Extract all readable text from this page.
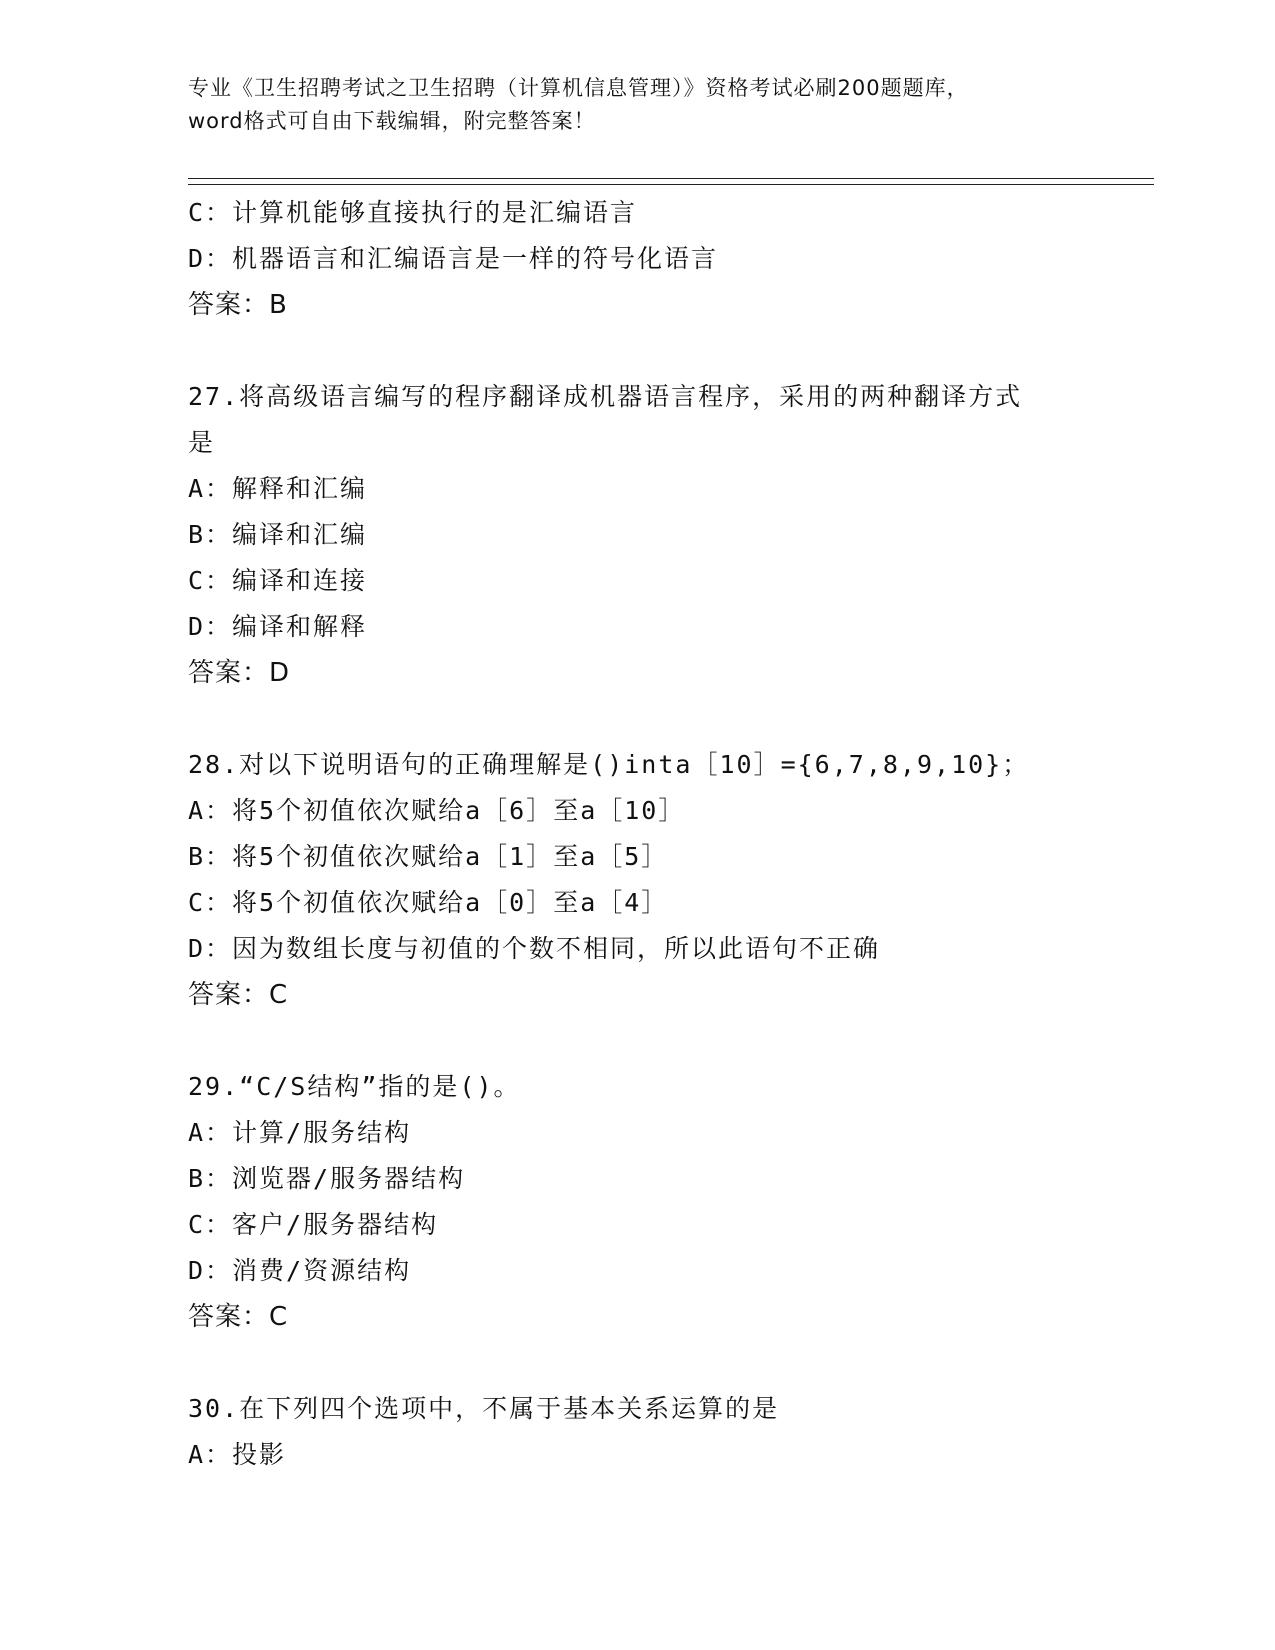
专业《卫生招聘考试之卫生招聘（计算机信息管理）》资格考试必刷200题题库，

word格式可自由下载编辑，附完整答案！

C：计算机能够直接执行的是汇编语言
D：机器语言和汇编语言是一样的符号化语言
答案：B
27.将高级语言编写的程序翻译成机器语言程序，采用的两种翻译方式
是
A：解释和汇编
B：编译和汇编
C：编译和连接
D：编译和解释
答案：D
28.对以下说明语句的正确理解是()inta［10］={6,7,8,9,10}；
A：将5个初值依次赋给a［6］至a［10］
B：将5个初值依次赋给a［1］至a［5］
C：将5个初值依次赋给a［0］至a［4］
D：因为数组长度与初值的个数不相同，所以此语句不正确
答案：C
29.“C/S结构”指的是()。
A：计算/服务结构
B：浏览器/服务器结构
C：客户/服务器结构
D：消费/资源结构
答案：C
30.在下列四个选项中，不属于基本关系运算的是
A：投影
